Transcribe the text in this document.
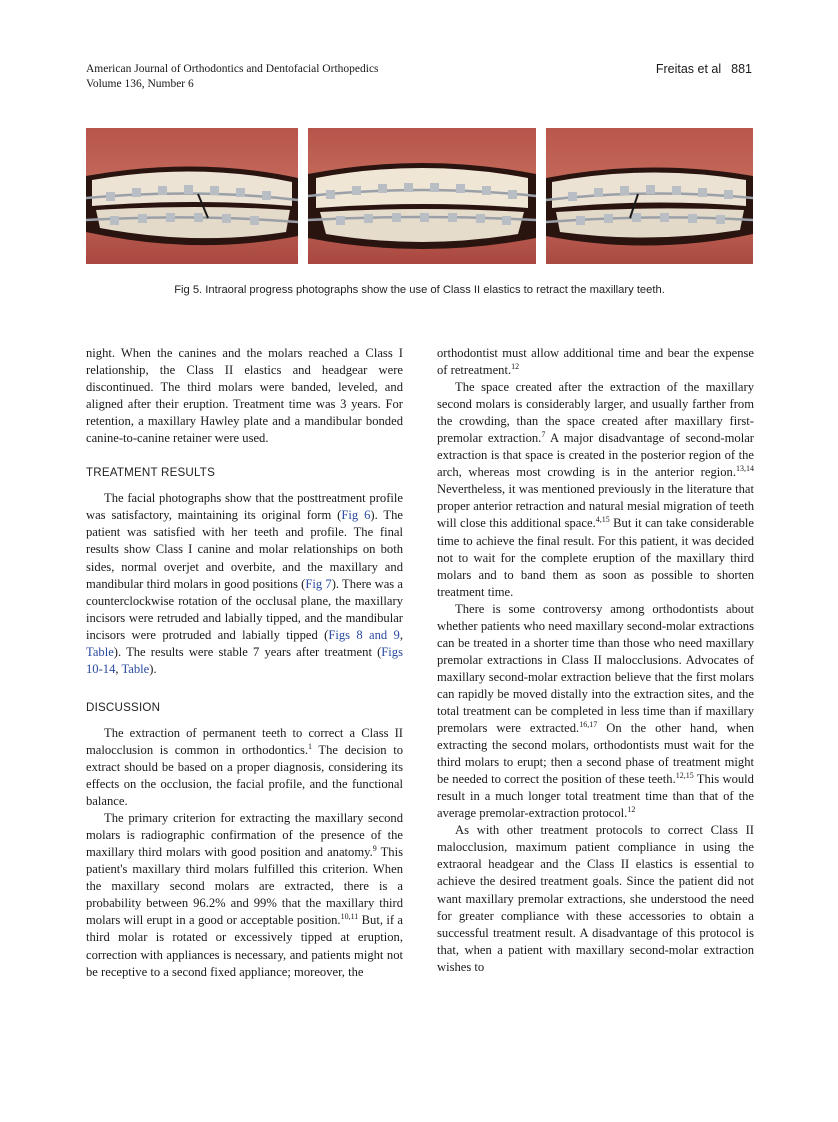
American Journal of Orthodontics and Dentofacial Orthopedics
Volume 136, Number 6
Freitas et al 881
Fig 5. Intraoral progress photographs show the use of Class II elastics to retract the maxillary teeth.

night. When the canines and the molars reached a Class I relationship, the Class II elastics and headgear were discontinued. The third molars were banded, leveled, and aligned after their eruption. Treatment time was 3 years. For retention, a maxillary Hawley plate and a mandibular bonded canine-to-canine retainer were used.

TREATMENT RESULTS

The facial photographs show that the posttreatment profile was satisfactory, maintaining its original form (Fig 6). The patient was satisfied with her teeth and profile. The final results show Class I canine and molar relationships on both sides, normal overjet and overbite, and the maxillary and mandibular third molars in good positions (Fig 7). There was a counterclockwise rotation of the occlusal plane, the maxillary incisors were retruded and labially tipped, and the mandibular incisors were protruded and labially tipped (Figs 8 and 9, Table). The results were stable 7 years after treatment (Figs 10-14, Table).

DISCUSSION

The extraction of permanent teeth to correct a Class II malocclusion is common in orthodontics.$^1$ The decision to extract should be based on a proper diagnosis, considering its effects on the occlusion, the facial profile, and the functional balance.

The primary criterion for extracting the maxillary second molars is radiographic confirmation of the presence of the maxillary third molars with good position and anatomy.$^9$ This patient's maxillary third molars fulfilled this criterion. When the maxillary second molars are extracted, there is a probability between 96.2% and 99% that the maxillary third molars will erupt in a good or acceptable position.$^{10,11}$ But, if a third molar is rotated or excessively tipped at eruption, correction with appliances is necessary, and patients might not be receptive to a second fixed appliance; moreover, the

orthodontist must allow additional time and bear the expense of retreatment.$^{12}$

The space created after the extraction of the maxillary second molars is considerably larger, and usually farther from the crowding, than the space created after maxillary first-premolar extraction.$^7$ A major disadvantage of second-molar extraction is that space is created in the posterior region of the arch, whereas most crowding is in the anterior region.$^{13,14}$ Nevertheless, it was mentioned previously in the literature that proper anterior retraction and natural mesial migration of teeth will close this additional space.$^{4,15}$ But it can take considerable time to achieve the final result. For this patient, it was decided not to wait for the complete eruption of the maxillary third molars and to band them as soon as possible to shorten treatment time.

There is some controversy among orthodontists about whether patients who need maxillary second-molar extractions can be treated in a shorter time than those who need maxillary premolar extractions in Class II malocclusions. Advocates of maxillary second-molar extraction believe that the first molars can rapidly be moved distally into the extraction sites, and the total treatment can be completed in less time than if maxillary premolars were extracted.$^{16,17}$ On the other hand, when extracting the second molars, orthodontists must wait for the third molars to erupt; then a second phase of treatment might be needed to correct the position of these teeth.$^{12,15}$ This would result in a much longer total treatment time than that of the average premolar-extraction protocol.$^{12}$

As with other treatment protocols to correct Class II malocclusion, maximum patient compliance in using the extraoral headgear and the Class II elastics is essential to achieve the desired treatment goals. Since the patient did not want maxillary premolar extractions, she understood the need for greater compliance with these accessories to obtain a successful treatment result. A disadvantage of this protocol is that, when a patient with maxillary second-molar extraction wishes to
